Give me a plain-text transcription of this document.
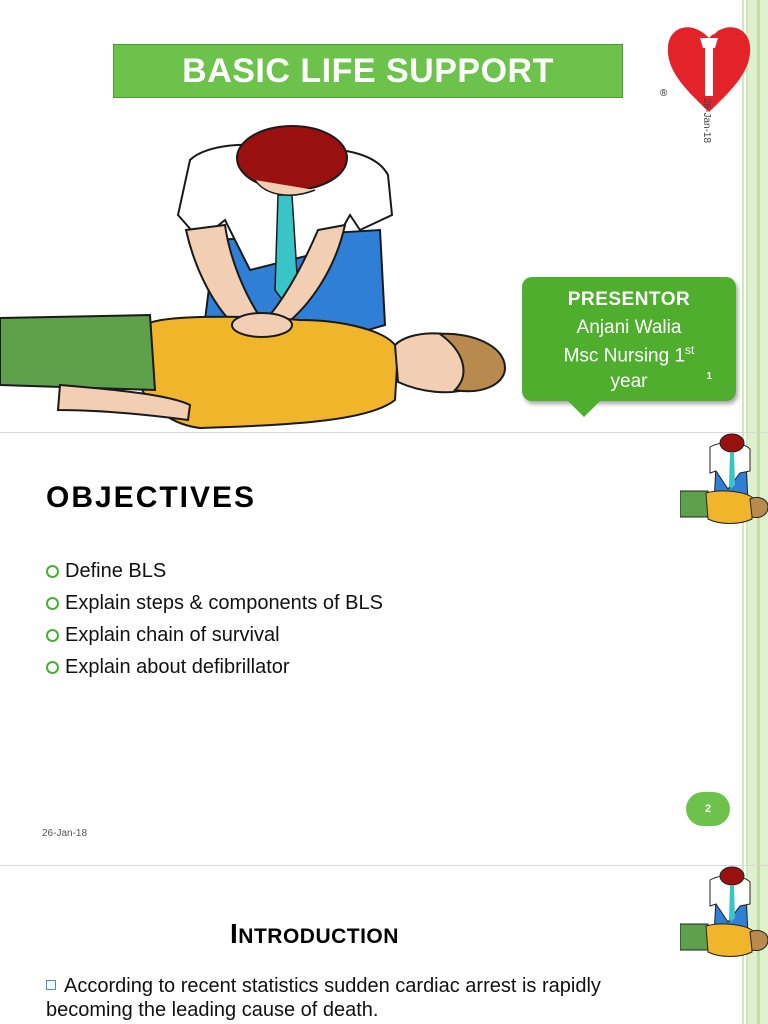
BASIC LIFE SUPPORT
®
26-Jan-18
PRESENTOR
Anjani Walia
Msc Nursing 1st
year	1
OBJECTIVES
Define BLS
Explain steps & components of BLS
Explain chain of survival
Explain about defibrillator
2
26-Jan-18
INTRODUCTION
According to recent statistics sudden cardiac arrest is rapidly becoming the leading cause of death.
